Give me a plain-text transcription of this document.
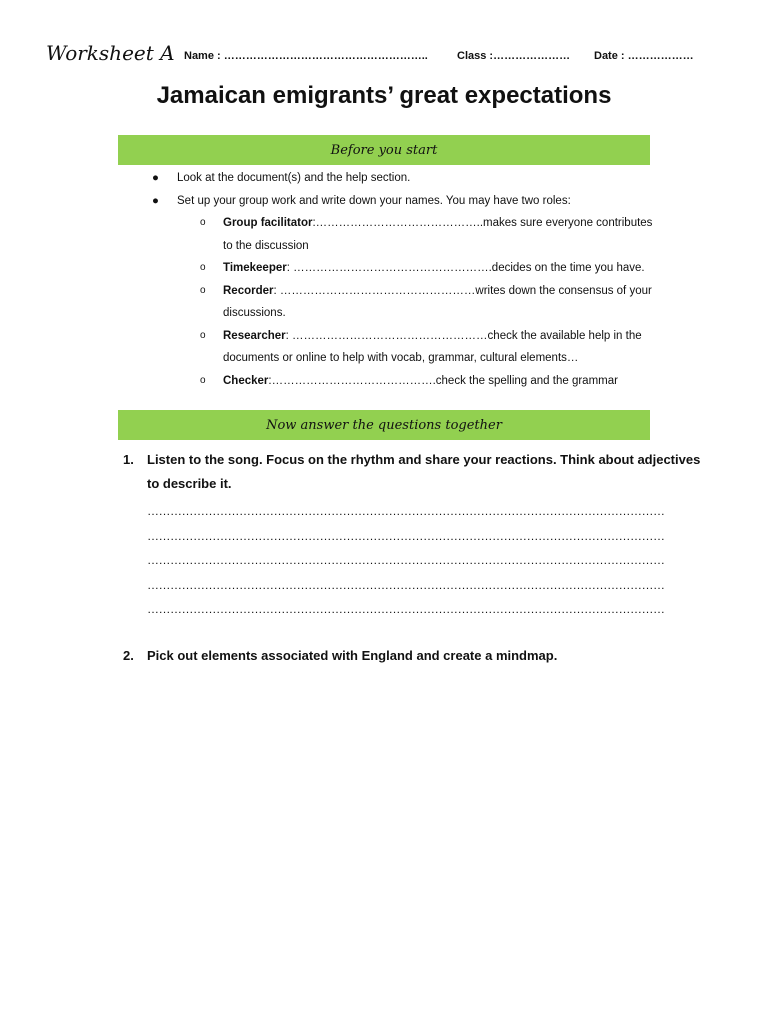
Worksheet A Name : ………………………………………………..	Class :………………… Date : ………………
Jamaican emigrants’ great expectations
Before you start
● Look at the document(s) and the help section.
● Set up your group work and write down your names. You may have two roles:
o Group facilitator:……………………………………..makes sure everyone contributes to the discussion
o Timekeeper: …………………………………………….decides on the time you have.
o Recorder: ……………………………………………writes down the consensus of your discussions.
o Researcher: ……………………………………………check the available help in the documents or online to help with vocab, grammar, cultural elements…
o Checker:…………………………………….check the spelling and the grammar
Now answer the questions together
1. Listen to the song. Focus on the rhythm and share your reactions. Think about adjectives to describe it.
………………………………………………………………………………………………………………………
………………………………………………………………………………………………………………………
………………………………………………………………………………………………………………………
………………………………………………………………………………………………………………………
………………………………………………………………………………………………………………………
2. Pick out elements associated with England and create a mindmap.
